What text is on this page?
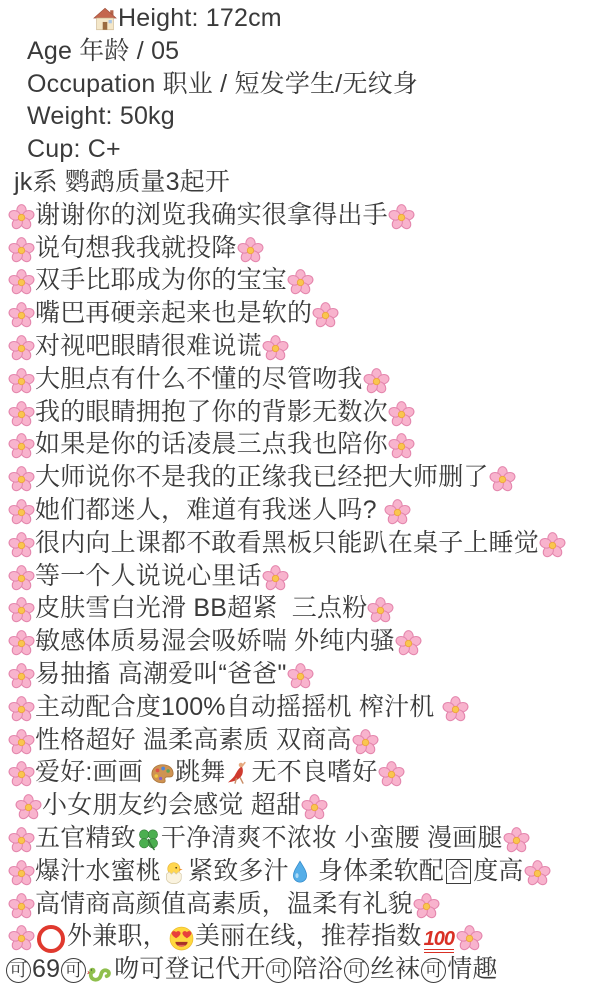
Height: 172cm
Age 年龄 / 05
Occupation 职业 / 短发学生/无纹身
Weight: 50kg
Cup: C+
jk系 鹦鹉质量3起开
谢谢你的浏览我确实很拿得出手
说句想我我就投降
双手比耶成为你的宝宝
嘴巴再硬亲起来也是软的
对视吧眼睛很难说谎
大胆点有什么不懂的尽管吻我
我的眼睛拥抱了你的背影无数次
如果是你的话凌晨三点我也陪你
大师说你不是我的正缘我已经把大师删了
她们都迷人，难道有我迷人吗?
很内向上课都不敢看黑板只能趴在桌子上睡觉
等一个人说说心里话
皮肤雪白光滑 BB超紧  三点粉
敏感体质易湿会吸娇喘 外纯内骚
易抽搐 高潮爱叫“爸爸"
主动配合度100%自动摇摇机 榨汁机
性格超好 温柔高素质 双商高
爱好:画画 跳舞 无不良嗜好
小女朋友约会感觉 超甜
五官精致 干净清爽不浓妆 小蛮腰 漫画腿
爆汁水蜜桃 紧致多汁 身体柔软配 合 度高
高情商高颜值高素质，温柔有礼貌
外兼职， 美丽在线，推荐指数 100
可 69 可 吻可登记代开 可 陪浴 可 丝袜 可 情趣
